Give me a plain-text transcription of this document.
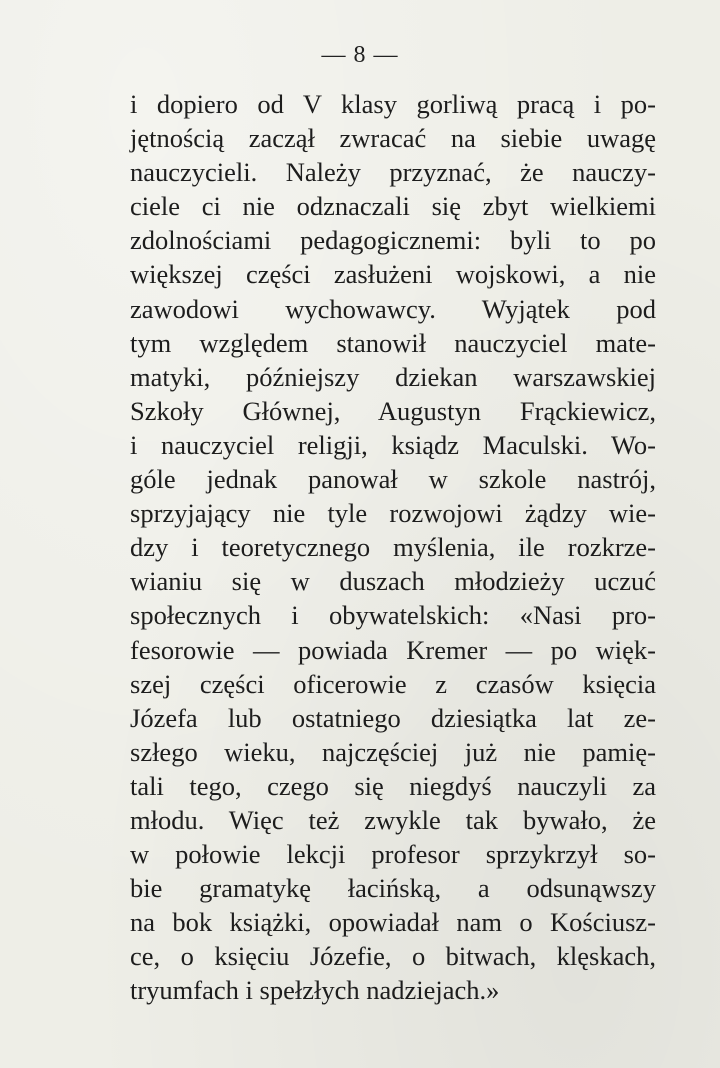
— 8 —
i dopiero od V klasy gorliwą pracą i po-
jętnością zaczął zwracać na siebie uwagę
nauczycieli. Należy przyznać, że nauczy-
ciele ci nie odznaczali się zbyt wielkiemi
zdolnościami pedagogicznemi: byli to po
większej części zasłużeni wojskowi, a nie
zawodowi wychowawcy. Wyjątek pod
tym względem stanowił nauczyciel mate-
matyki, późniejszy dziekan warszawskiej
Szkoły Głównej, Augustyn Frąckiewicz,
i nauczyciel religji, ksiądz Maculski. Wo-
góle jednak panował w szkole nastrój,
sprzyjający nie tyle rozwojowi żądzy wie-
dzy i teoretycznego myślenia, ile rozkrze-
wianiu się w duszach młodzieży uczuć
społecznych i obywatelskich: «Nasi pro-
fesorowie — powiada Kremer — po więk-
szej części oficerowie z czasów księcia
Józefa lub ostatniego dziesiątka lat ze-
szłego wieku, najczęściej już nie pamię-
tali tego, czego się niegdyś nauczyli za
młodu. Więc też zwykle tak bywało, że
w połowie lekcji profesor sprzykrzył so-
bie gramatykę łacińską, a odsunąwszy
na bok książki, opowiadał nam o Kościusz-
ce, o księciu Józefie, o bitwach, klęskach,
tryumfach i spełzłych nadziejach.»
